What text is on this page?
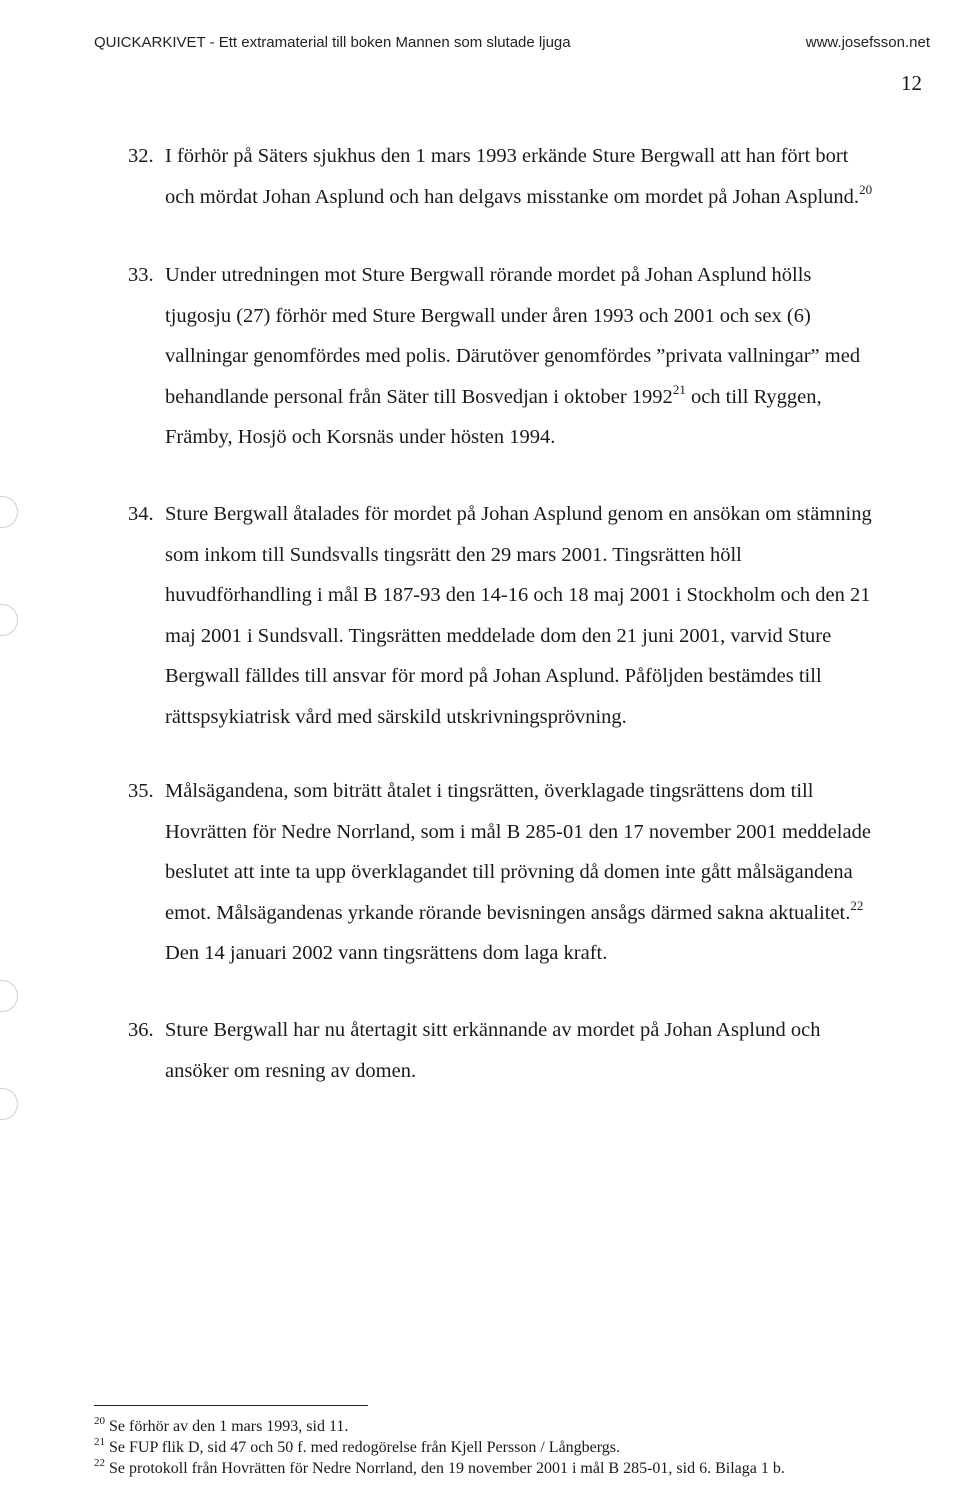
QUICKARKIVET - Ett extramaterial till boken Mannen som slutade ljuga	www.josefsson.net
12
32. I förhör på Säters sjukhus den 1 mars 1993 erkände Sture Bergwall att han fört bort
och mördat Johan Asplund och han delgavs misstanke om mordet på Johan Asplund.$^{20}$
33. Under utredningen mot Sture Bergwall rörande mordet på Johan Asplund hölls
tjugosju (27) förhör med Sture Bergwall under åren 1993 och 2001 och sex (6)
vallningar genomfördes med polis. Därutöver genomfördes ”privata vallningar” med
behandlande personal från Säter till Bosvedjan i oktober 1992$^{21}$ och till Ryggen,
Främby, Hosjö och Korsnäs under hösten 1994.
34. Sture Bergwall åtalades för mordet på Johan Asplund genom en ansökan om stämning
som inkom till Sundsvalls tingsrätt den 29 mars 2001. Tingsrätten höll
huvudförhandling i mål B 187-93 den 14-16 och 18 maj 2001 i Stockholm och den 21
maj 2001 i Sundsvall. Tingsrätten meddelade dom den 21 juni 2001, varvid Sture
Bergwall fälldes till ansvar för mord på Johan Asplund. Påföljden bestämdes till
rättspsykiatrisk vård med särskild utskrivningsprövning.
35. Målsägandena, som biträtt åtalet i tingsrätten, överklagade tingsrättens dom till
Hovrätten för Nedre Norrland, som i mål B 285-01 den 17 november 2001 meddelade
beslutet att inte ta upp överklagandet till prövning då domen inte gått målsägandena
emot. Målsägandenas yrkande rörande bevisningen ansågs därmed sakna aktualitet.$^{22}$
Den 14 januari 2002 vann tingsrättens dom laga kraft.
36. Sture Bergwall har nu återtagit sitt erkännande av mordet på Johan Asplund och
ansöker om resning av domen.
$^{20}$ Se förhör av den 1 mars 1993, sid 11.
$^{21}$ Se FUP flik D, sid 47 och 50 f. med redogörelse från Kjell Persson / Långbergs.
$^{22}$ Se protokoll från Hovrätten för Nedre Norrland, den 19 november 2001 i mål B 285-01, sid 6. Bilaga 1 b.
